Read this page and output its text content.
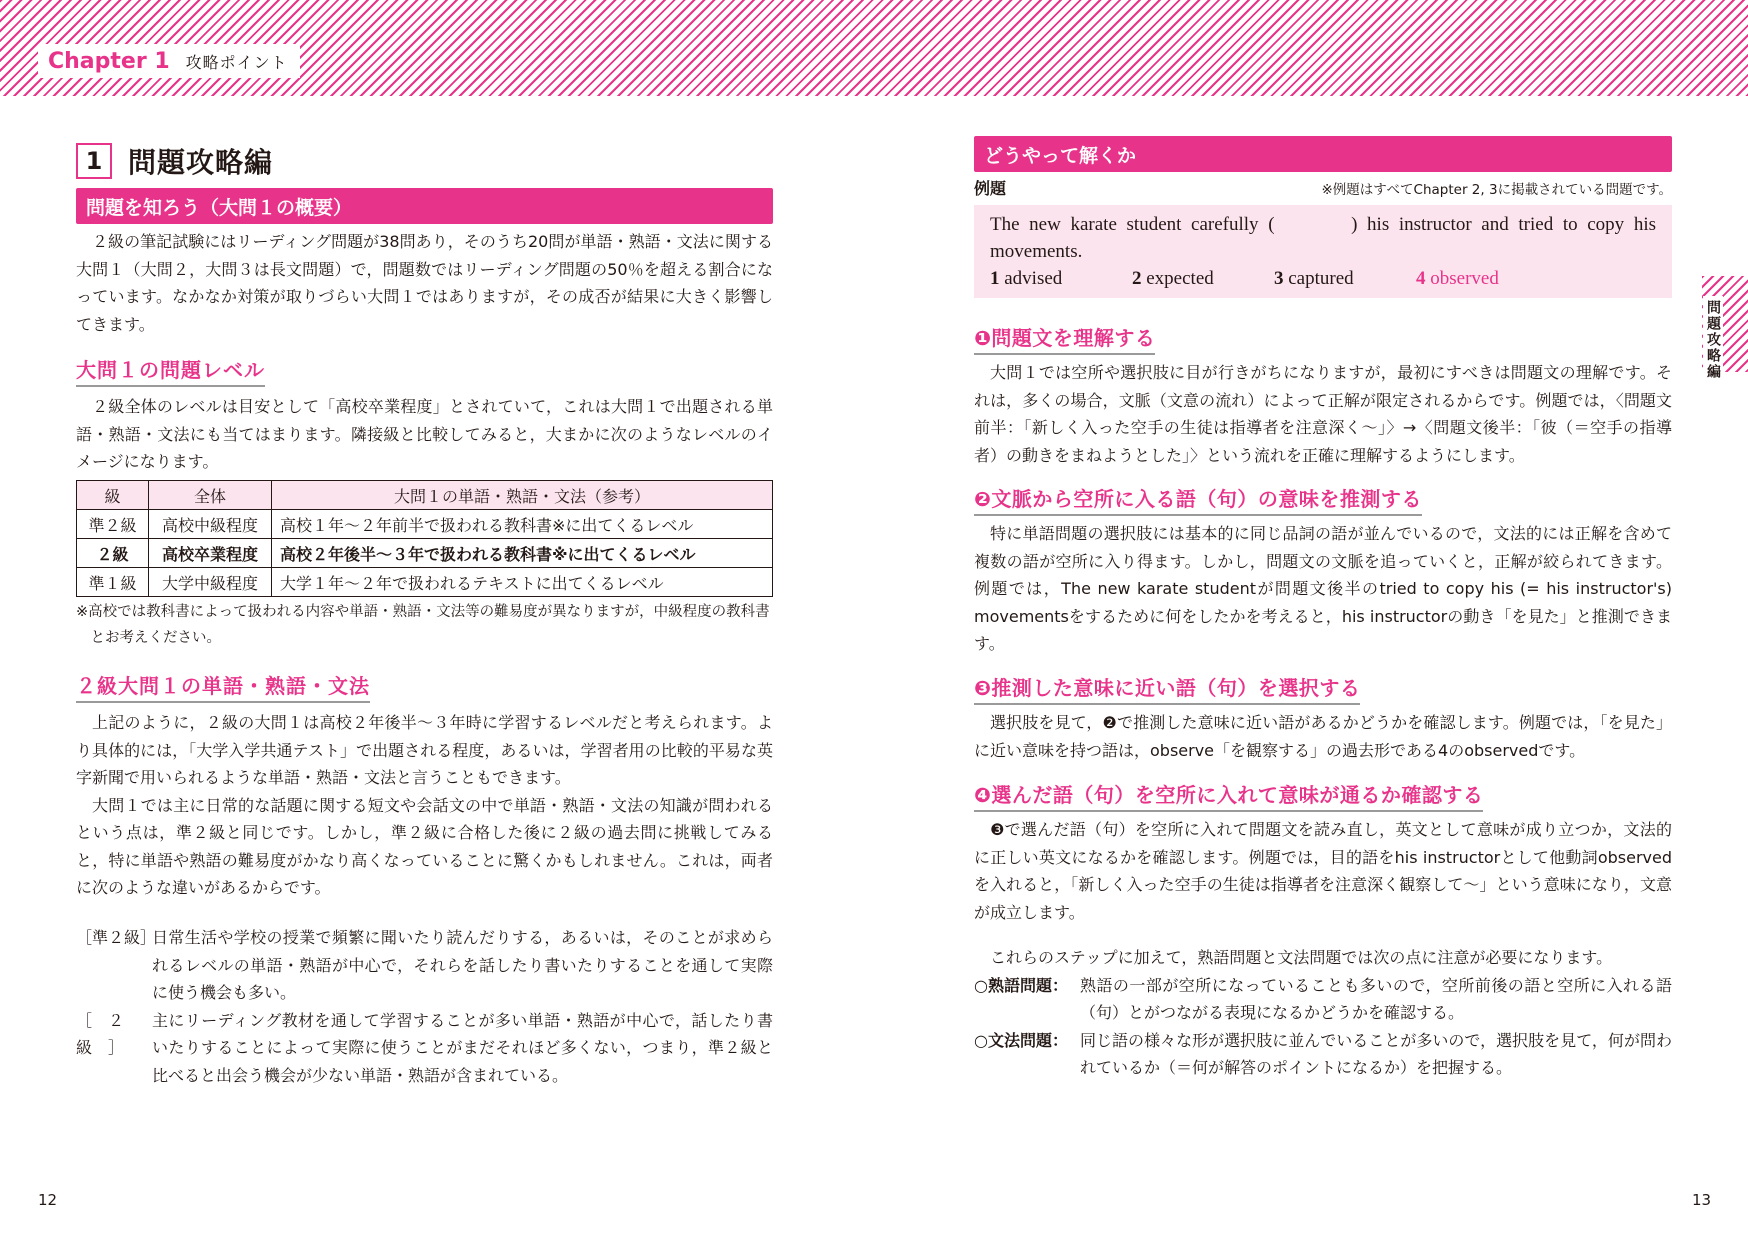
Chapter 1 攻略ポイント
1 問題攻略編
問題を知ろう（大問１の概要）

２級の筆記試験にはリーディング問題が38問あり，そのうち20問が単語・熟語・文法に関する大問１（大問２，大問３は長文問題）で，問題数ではリーディング問題の50％を超える割合になっています。なかなか対策が取りづらい大問１ではありますが，その成否が結果に大きく影響してきます。

大問１の問題レベル

２級全体のレベルは目安として「高校卒業程度」とされていて，これは大問１で出題される単語・熟語・文法にも当てはまります。隣接級と比較してみると，大まかに次のようなレベルのイメージになります。

級	全体	大問１の単語・熟語・文法（参考）
準２級	高校中級程度	高校１年～２年前半で扱われる教科書※に出てくるレベル
２級	高校卒業程度	高校２年後半～３年で扱われる教科書※に出てくるレベル
準１級	大学中級程度	大学１年～２年で扱われるテキストに出てくるレベル

※高校では教科書によって扱われる内容や単語・熟語・文法等の難易度が異なりますが，中級程度の教科書とお考えください。

２級大問１の単語・熟語・文法

上記のように，２級の大問１は高校２年後半～３年時に学習するレベルだと考えられます。より具体的には，「大学入学共通テスト」で出題される程度，あるいは，学習者用の比較的平易な英字新聞で用いられるような単語・熟語・文法と言うこともできます。

大問１では主に日常的な話題に関する短文や会話文の中で単語・熟語・文法の知識が問われるという点は，準２級と同じです。しかし，準２級に合格した後に２級の過去問に挑戦してみると，特に単語や熟語の難易度がかなり高くなっていることに驚くかもしれません。これは，両者に次のような違いがあるからです。

［準２級］
日常生活や学校の授業で頻繁に聞いたり読んだりする，あるいは，そのことが求められるレベルの単語・熟語が中心で，それらを話したり書いたりすることを通して実際に使う機会も多い。
［　２級　］
主にリーディング教材を通して学習することが多い単語・熟語が中心で，話したり書いたりすることによって実際に使うことがまだそれほど多くない，つまり，準２級と比べると出会う機会が少ない単語・熟語が含まれている。
どうやって解くか
例題	※例題はすべてChapter 2, 3に掲載されている問題です。
The new karate student carefully (　　　) his instructor and tried to copy his movements.
1 advised	2 expected	3 captured	4 observed
❶問題文を理解する

大問１では空所や選択肢に目が行きがちになりますが，最初にすべきは問題文の理解です。それは，多くの場合，文脈（文意の流れ）によって正解が限定されるからです。例題では，〈問題文前半：「新しく入った空手の生徒は指導者を注意深く～」〉→〈問題文後半：「彼（＝空手の指導者）の動きをまねようとした」〉という流れを正確に理解するようにします。

❷文脈から空所に入る語（句）の意味を推測する

特に単語問題の選択肢には基本的に同じ品詞の語が並んでいるので，文法的には正解を含めて複数の語が空所に入り得ます。しかし，問題文の文脈を追っていくと，正解が絞られてきます。例題では，The new karate studentが問題文後半のtried to copy his (= his instructor's) movementsをするために何をしたかを考えると，his instructorの動き「を見た」と推測できます。

❸推測した意味に近い語（句）を選択する

選択肢を見て，❷で推測した意味に近い語があるかどうかを確認します。例題では，「を見た」に近い意味を持つ語は，observe「を観察する」の過去形である4のobservedです。

❹選んだ語（句）を空所に入れて意味が通るか確認する

❸で選んだ語（句）を空所に入れて問題文を読み直し，英文として意味が成り立つか，文法的に正しい英文になるかを確認します。例題では，目的語をhis instructorとして他動詞observedを入れると，「新しく入った空手の生徒は指導者を注意深く観察して～」という意味になり，文意が成立します。

これらのステップに加えて，熟語問題と文法問題では次の点に注意が必要になります。

○熟語問題： 熟語の一部が空所になっていることも多いので，空所前後の語と空所に入れる語（句）とがつながる表現になるかどうかを確認する。
○文法問題： 同じ語の様々な形が選択肢に並んでいることが多いので，選択肢を見て，何が問われているか（＝何が解答のポイントになるか）を把握する。
問題攻略編
12	13
